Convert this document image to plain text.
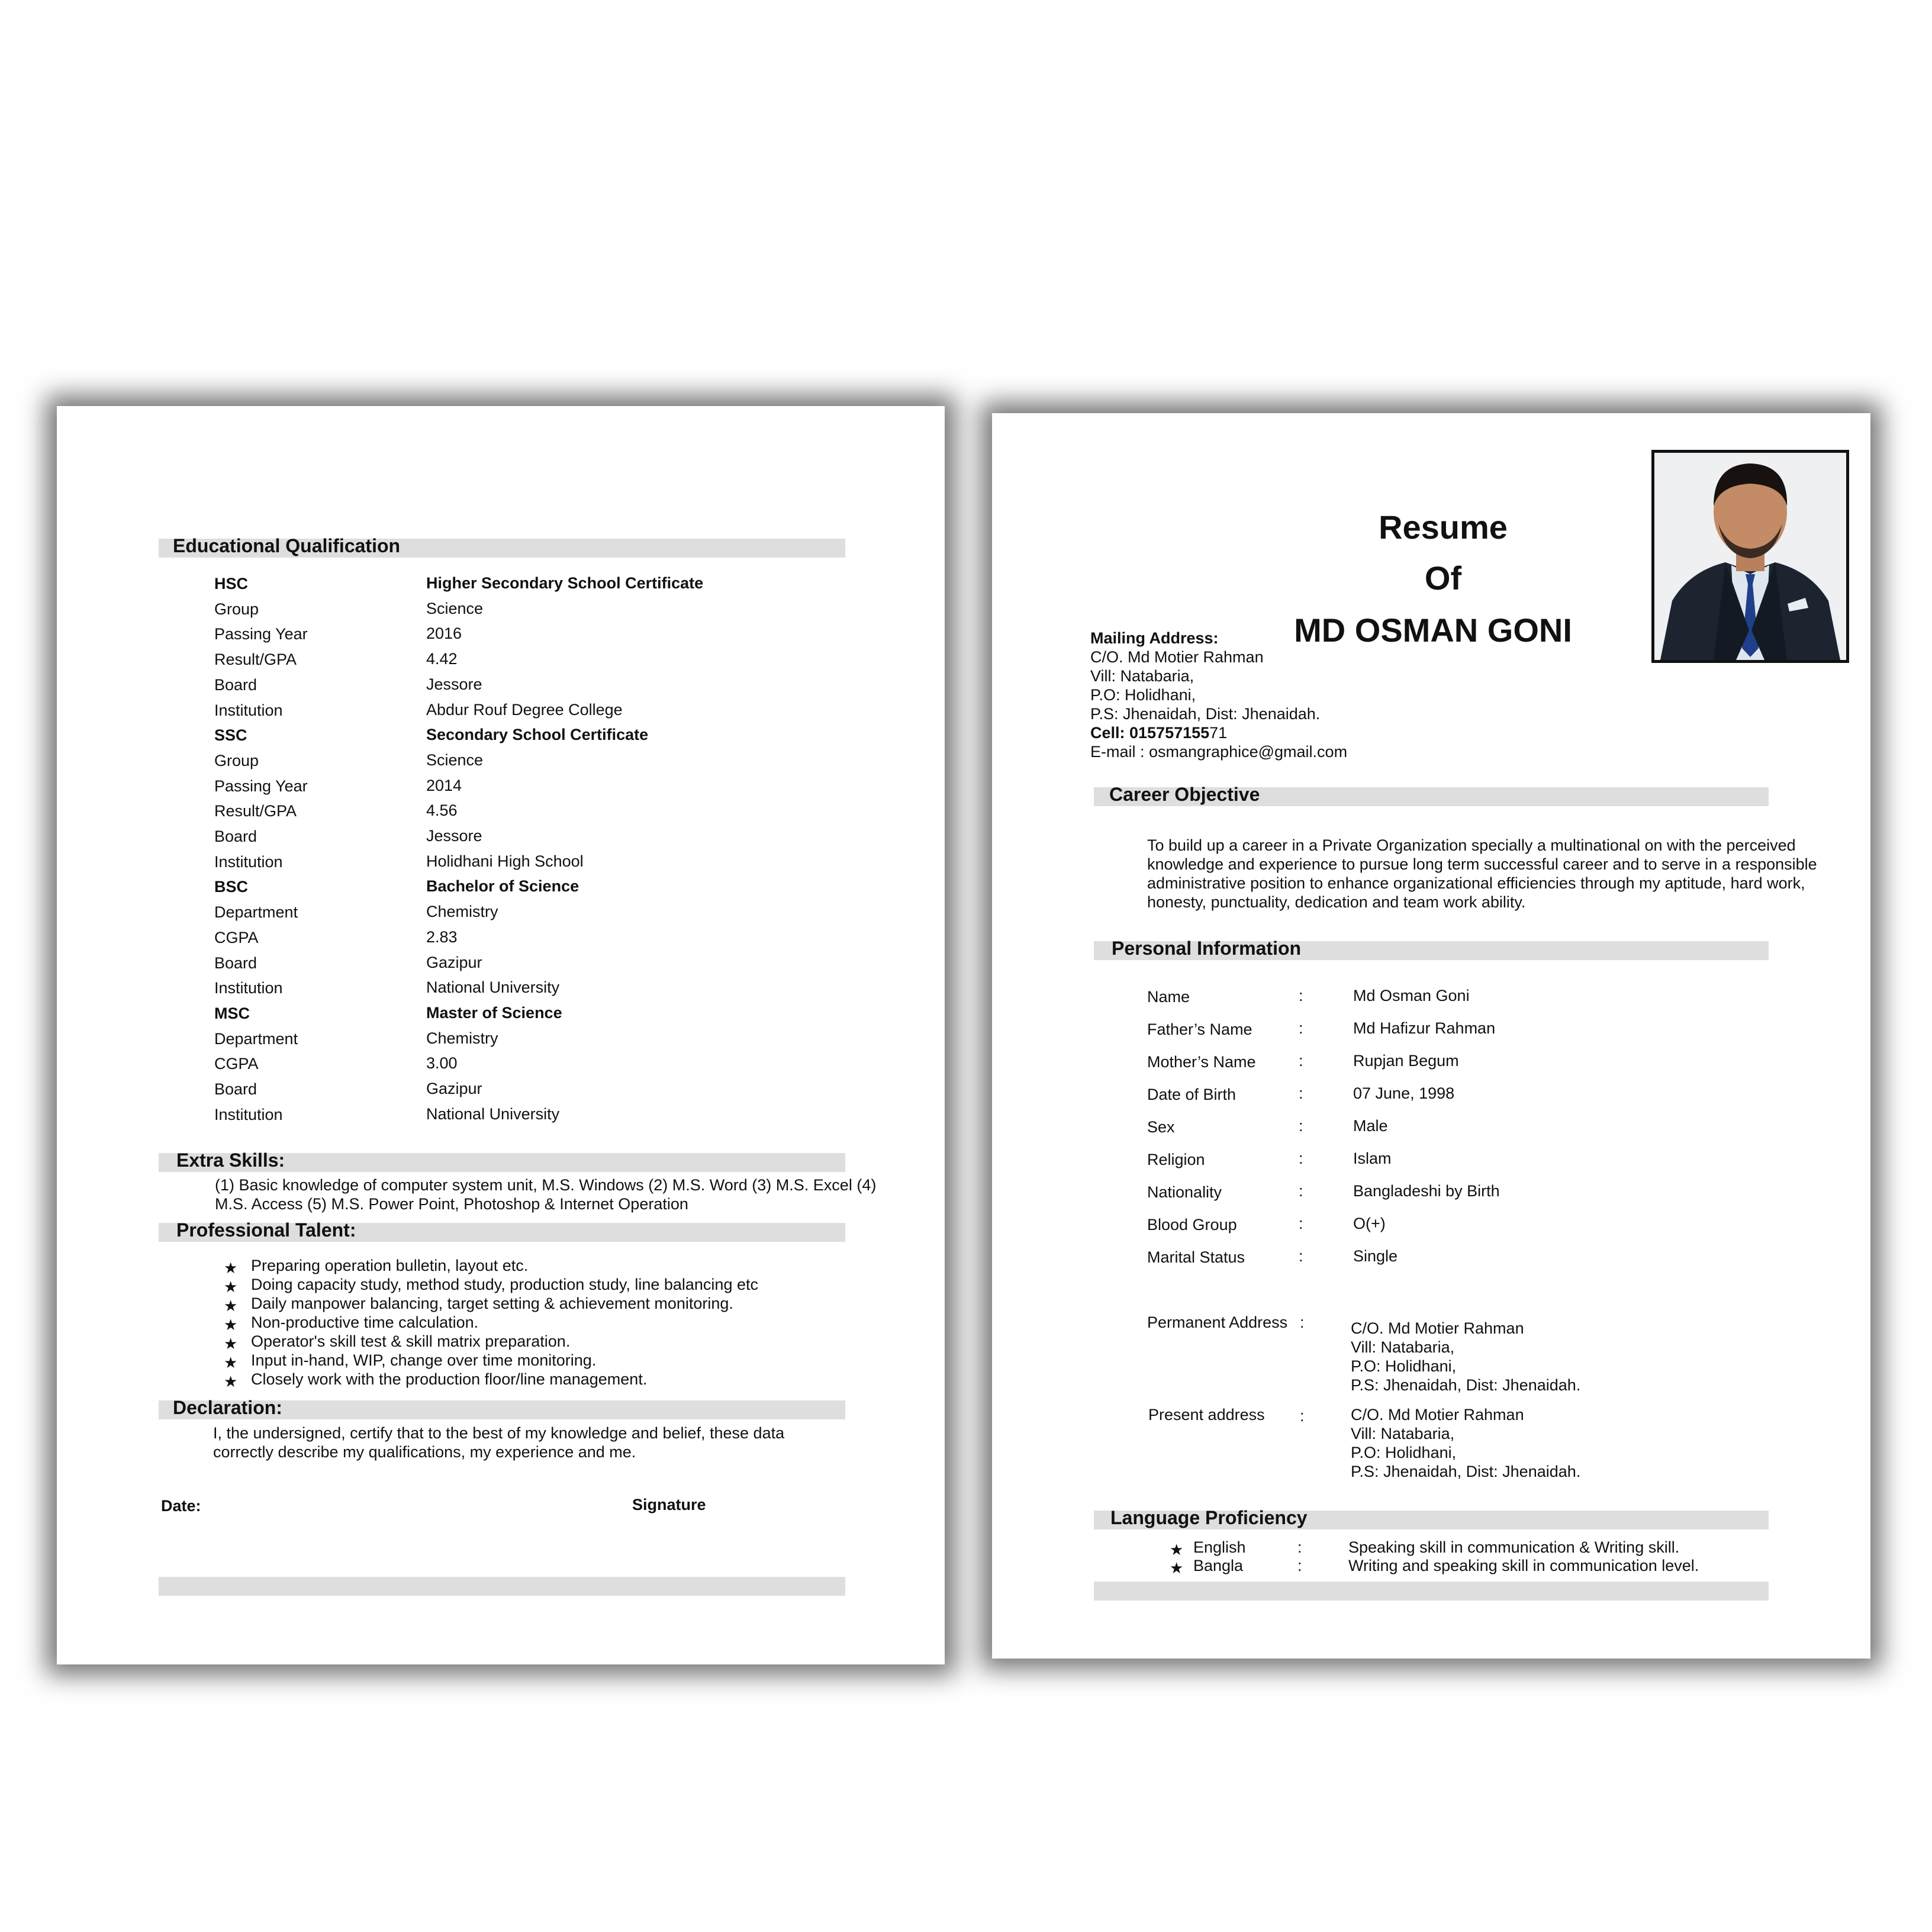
Educational Qualification
HSC	Higher Secondary School Certificate
Group	Science
Passing Year	2016
Result/GPA	4.42
Board	Jessore
Institution	Abdur Rouf Degree College
SSC	Secondary School Certificate
Group	Science
Passing Year	2014
Result/GPA	4.56
Board	Jessore
Institution	Holidhani High School
BSC	Bachelor of Science
Department	Chemistry
CGPA	2.83
Board	Gazipur
Institution	National University
MSC	Master of Science
Department	Chemistry
CGPA	3.00
Board	Gazipur
Institution	National University
Extra Skills:
(1) Basic knowledge of computer system unit, M.S. Windows (2) M.S. Word (3) M.S. Excel (4)
M.S. Access (5) M.S. Power Point, Photoshop & Internet Operation
Professional Talent:
★ Preparing operation bulletin, layout etc.
★ Doing capacity study, method study, production study, line balancing etc
★ Daily manpower balancing, target setting & achievement monitoring.
★ Non-productive time calculation.
★ Operator's skill test & skill matrix preparation.
★ Input in-hand, WIP, change over time monitoring.
★ Closely work with the production floor/line management.
Declaration:
I, the undersigned, certify that to the best of my knowledge and belief, these data
correctly describe my qualifications, my experience and me.
Date:	Signature
Resume
Of
MD OSMAN GONI
Mailing Address:
C/O. Md Motier Rahman
Vill: Natabaria,
P.O: Holidhani,
P.S: Jhenaidah, Dist: Jhenaidah.
Cell: 01575715571
E-mail : osmangraphice@gmail.com
Career Objective
To build up a career in a Private Organization specially a multinational on with the perceived
knowledge and experience to pursue long term successful career and to serve in a responsible
administrative position to enhance organizational efficiencies through my aptitude, hard work,
honesty, punctuality, dedication and team work ability.
Personal Information
Name	:	Md Osman Goni
Father’s Name	:	Md Hafizur Rahman
Mother’s Name	:	Rupjan Begum
Date of Birth	:	07 June, 1998
Sex	:	Male
Religion	:	Islam
Nationality	:	Bangladeshi by Birth
Blood Group	:	O(+)
Marital Status	:	Single
Permanent Address :	C/O. Md Motier Rahman
Vill: Natabaria,
P.O: Holidhani,
P.S: Jhenaidah, Dist: Jhenaidah.
Present address :	C/O. Md Motier Rahman
Vill: Natabaria,
P.O: Holidhani,
P.S: Jhenaidah, Dist: Jhenaidah.
Language Proficiency
★ English	:	Speaking skill in communication & Writing skill.
★ Bangla	:	Writing and speaking skill in communication level.
